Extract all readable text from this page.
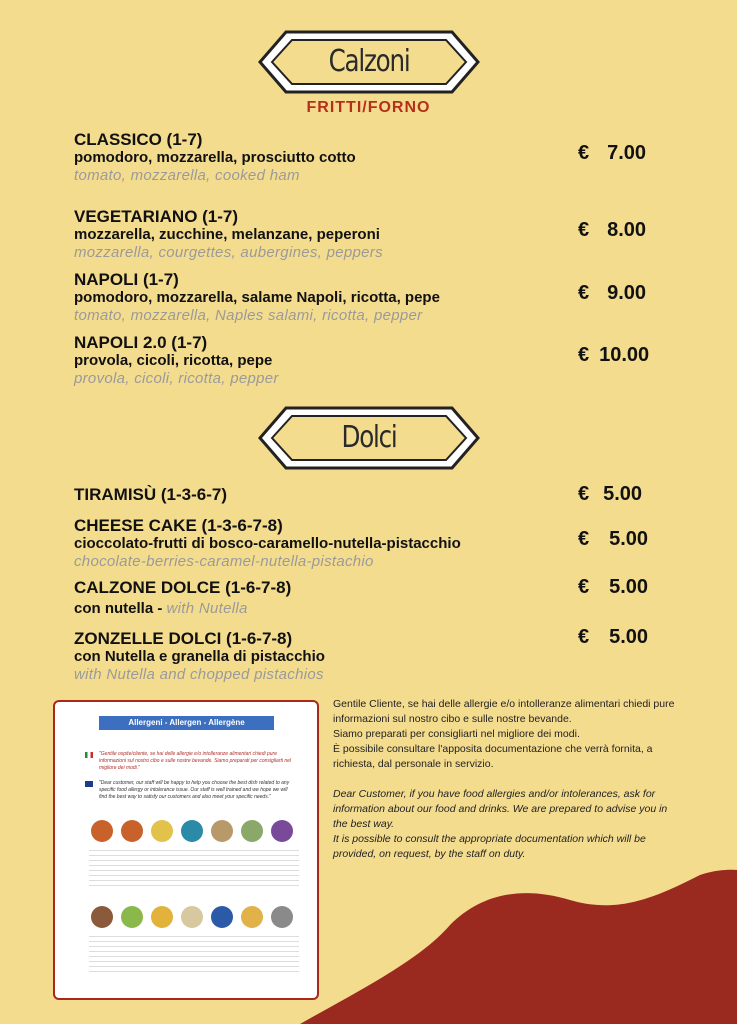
Calzoni
FRITTI/FORNO
CLASSICO (1-7)
pomodoro, mozzarella, prosciutto cotto
tomato, mozzarella, cooked ham
€ 7.00
VEGETARIANO (1-7)
mozzarella, zucchine, melanzane, peperoni
mozzarella, courgettes, aubergines, peppers
€ 8.00
NAPOLI (1-7)
pomodoro, mozzarella, salame Napoli, ricotta, pepe
tomato, mozzarella, Naples salami, ricotta, pepper
€ 9.00
NAPOLI 2.0 (1-7)
provola, cicoli, ricotta, pepe
provola, cicoli, ricotta, pepper
€ 10.00
Dolci
TIRAMISÙ (1-3-6-7)	€ 5.00
CHEESE CAKE (1-3-6-7-8)
cioccolato-frutti di bosco-caramello-nutella-pistacchio
chocolate-berries-caramel-nutella-pistachio
€ 5.00
CALZONE DOLCE (1-6-7-8)
con nutella - with Nutella
€ 5.00
ZONZELLE DOLCI (1-6-7-8)
con Nutella e granella di pistacchio
with Nutella and chopped pistachios
€ 5.00
Allergeni - Allergen - Allergène
"Gentile ospite/cliente, se hai delle allergie e/o intolleranze alimentari chiedi pure informazioni sul nostro cibo e sulle nostre bevande. Siamo preparati per consigliarti nel migliore dei modi."
"Dear customer, our staff will be happy to help you choose the best dish related to any specific food allergy or intolerance issue. Our staff is well trained and we hope we will find the best way to satisfy our customers and also meet your specific needs."

Gentile Cliente, se hai delle allergie e/o intolleranze alimentari chiedi pure informazioni sul nostro cibo e sulle nostre bevande.

Siamo preparati per consigliarti nel migliore dei modi.

È possibile consultare l'apposita documentazione che verrà fornita, a richiesta, dal personale in servizio.

Dear Customer, if you have food allergies and/or intolerances, ask for information about our food and drinks. We are prepared to advise you in the best way.

It is possible to consult the appropriate documentation which will be provided, on request, by the staff on duty.
